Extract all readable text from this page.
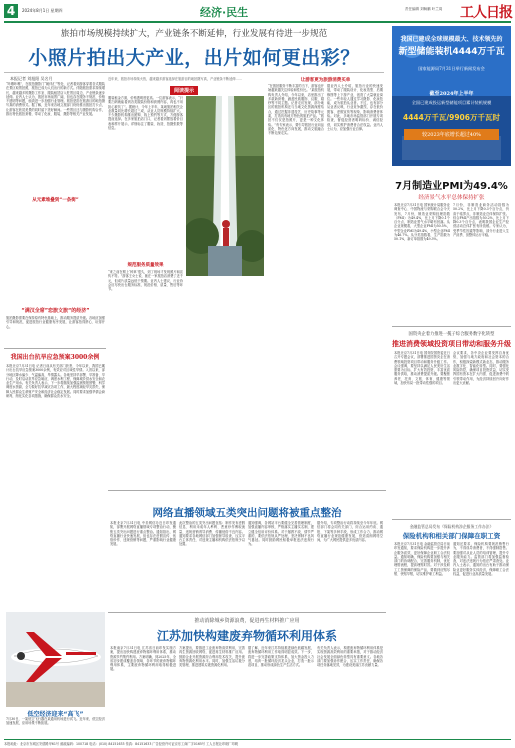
4	2024年8月1日 星期四	经济·民生	责任编辑 刘畅鹏 叶兰周 工人日报
旅拍市场规模持续扩大，产业链条不断延伸，行业发展有待进一步规范
小照片拍出大产业，出片如何更出彩？
本报记者 刘旭阳 吴名月
“咔嚓咔嚓”，在旅拍摄影门“朝伴汇”等处，记者看到游客穿着各式服装在景区取景拍照，旅拍已成为人们出行的新方式。伴随旅拍需求持续增长，越来越多的摄影工作室、服装租赁店入驻景区周边，产业链条逐步延伸。业内人士认为，旅拍市场前景广阔，但也存在服务不规范、价格不透明等问题，亟须进一步加强行业管理。旅拍是指在旅游目的地拍摄写真的消费形式。据了解，近年来各地文旅部门纷纷推出旅拍打卡点，让游客在欣赏美景的同时留下美好瞬间。一些景区还与摄影机构合作，推出特色旅拍套餐，带动了化妆、服装、摄影等相关产业发展。
从元素堆叠到“一条街”
“满汉全席”恋旅文旅“的经济”
近年来，旅拍市场持续火热，越来越多游客选择在旅游目的地拍摄写真，产业链条不断延伸……
阅读提示
服装租金方面，价格透明度更高。一位游客表示，“只要扫码就能看到各类服装价格和套餐内容，再也不用担心被坑了”。据统计，今年上半年，某地旅拍相关企业数量同比增长超过三成，从业人员规模持续扩大。不少摄影机构推出团购、线上预约等方式，方便游客提前选择。在多家旅拍店门口，记者看到摆放着价目表和样片展示，详细标注了服装、妆造、拍摄张数等信息。
规范服务质量效果
“来之前在网上‘种草’很久，到了现场才发现照片和宣传不符。”游客王女士说，她在一家旅拍店消费了近千元，但成片质量远低于预期。业内人士建议，行业协会应尽快出台服务标准，规范价格、质量、售后等环节。
让游客更为旅游消费买单
“在旅拍服务不断丰富的当下，游客也开始越来越关注体验和性价比。”某旅拍机构负责人介绍，今年以来，店里推出了多款新套餐，涵盖民族服饰、汉服、婚纱等不同主题。记者走访发现，部分地区的旅拍机构还与当地文化资源深度结合，通过挖掘非遗技艺、历史故事等元素，打造具有地方特色的旅拍产品。“旅拍不仅仅是拍照片，更是一种文化体验。”有专家表示，要引导旅拍行业向品质化、特色化方向发展，推动文旅融合不断走深走实。
据业内人士介绍，旅拍行业的快速发展，带动了服装设计、化妆造型、后期修图等上下游产业，创造了大量就业岗位。一些年轻人通过学习摄影、化妆技能，成为旅拍从业者。不过，也有部分从业者反映，行业竞争激烈，存在低价揽客、虚假宣传等现象，影响消费者体验。对此，多地市场监管部门开展专项检查，督促经营者明码标价、诚信经营，切实维护消费者合法权益。业内人士认为，应加强行业自律。
我国已建成全球规模最大、技术领先的
新型储能装机4444万千瓦
国家能源局7月31日举行新闻发布会
截至2024年上半年
全国已建成投运新型储能项目累计装机规模
4444万千瓦/9906万千瓦时
较2023年底增长超过40%
7月制造业PMI为49.4%
经济景气水平总体保持扩张
本报北京7月31日电 国家统计局服务业调查中心、中国物流与采购联合会今天发布，7月份，制造业采购经理指数（PMI）为49.4%，比上月下降0.1个百分点，制造业景气水平略有回落。从企业规模看，大型企业PMI为50.5%，中型企业PMI为49.4%，小型企业PMI为46.7%。从分类指数看，生产指数为50.1%，新订单指数为49.3%。
7月份，非制造业商务活动指数为50.2%，比上月下降0.3个百分点，仍高于临界点，非制造业总体保持扩张。综合PMI产出指数为50.2%，比上月下降0.3个百分点，表明我国企业生产经营活动总体扩张有所放缓。专家认为，受季节性因素等影响，部分行业进入生产淡季，但整体运行平稳。
国资央企着力推进一揽子综合服务数字化转型
推进消费领域投资项目带动和服务升级
本报北京7月31日电 国务院国资委近日召开专题会议，部署推进国资央企在消费领域投资项目带动和服务升级工作。会议强调，要坚持以满足人民美好生活需要为目标，扩大有效投资，丰富优质服务供给，推动消费提质升级。要聚焦养老、托育、文旅、体育、健康等领域，加快布局一批带动性强的项目。
会议要求，各中央企业要发挥自身优势，加强与地方政府和社会资本的合作，积极探索新模式新业态，推动服务业数字化、智能化转型。同时，要强化风险防控，确保项目投资效益，切实发挥国有资本在扩大内需、促进消费中的引领带动作用，为经济持续回升向好作出更大贡献。
金融监管总局发布《保险机构涉企服务工作办法》
保险机构和相关部门保障在职工资
本报北京7月31日电 金融监管总局日前印发通知，要求保险机构进一步提升涉企服务质效，更好保障企业职工合法权益。通知明确，保险机构要加强与相关部门的协调配合，完善服务机制，优化理赔流程，提高理赔时效。对于涉及职工工资保障的保险产品，要做到应赔尽赔、快赔早赔，切实维护职工利益。
通知还要求，保险机构要规范销售行为，不得误导消费者，不得强制搭售。要加强对从业人员的培训管理，提升专业服务能力。监管部门将加强监督检查，对违法违规行为依法严肃查处。业内人士表示，通知的出台有助于推动保险业更好服务实体经济，保障职工合法权益，促进行业高质量发展。
旅拍摄影需要在保持原有特色基础上，推动服务提质升级。各地应加强引导和规范，促进旅拍行业健康有序发展，让游客拍得舒心、玩得开心。
我国出台抗旱应急预案3000余例
本报北京7月31日电 记者日前从有关部门获悉，今年以来，我国已累计出台抗旱应急预案3000余例，有效应对区域性旱情。入汛以来，部分地区降水偏少、气温偏高，旱情露头。各地坚持早部署、早准备、早行动，及时启动抗旱应急响应，调度水利工程，保障城乡供水安全和农业生产用水。有关负责人表示，下一步将继续加强监测预报预警，科学调度水资源，全力做好抗旱减灾各项工作，最大程度减轻旱灾损失，保障人民群众生命财产安全和经济社会稳定发展。同时要求加强旱情会商研判，细化实化各项措施，确保群众饮水安全。
网络直播领域五类突出问题将被重点整治
本报北京7月31日电 中央网信办近日印发通知，部署开展网络直播领域专项整治行动，聚焦五类突出问题进行重点整治。通知指出，网络直播行业快速发展，但也存在虚假宣传、低俗炒作、违规营销等问题，严重影响行业健康发展。
此次整治的五类突出问题包括：制作发布虚假信息、利用未成年人牟利、恶意炒作博取流量、违规营销诱导消费、传播低俗不良内容。通知要求各地网信部门加强督导检查，压实平台主体责任，对违规主播和机构依法依规予以处置。
通知强调，各网站平台要健全完善管理制度，加强直播内容审核，严格落实主播实名制，建立健全信用评价体系。对于屡教不改、情节严重的，要依法依规从严处理，坚决遏制不良风气蔓延。同时鼓励网民积极举报违法违规行为。
据介绍，专项整治行动将持续至今年年底。网信部门将会同有关部门，综合运用约谈、通报、下架等多种手段，形成工作合力，推动网络直播行业规范健康发展，营造清朗网络空间，为广大网民提供更多优质内容。
低空经济迎来“高飞”
7月30日，一架低空飞行器在某通用机场进行试飞。近年来，低空经济加速发展，应用场景不断拓展。
推动消除城乡资源浪费，促进再生材料推广应用
江苏加快构建废弃物循环利用体系
本报南京7月31日电 江苏省日前印发实施方案，提出加快构建废弃物循环利用体系，推动资源节约集约利用。方案明确，到2025年，全省初步建成覆盖各领域、各环节的废弃物循环利用体系，主要废弃物循环利用取得积极进展。
方案提出，要推进工业废弃物高效利用，完善再生资源回收网络，促进再生材料推广应用。鼓励企业开展资源综合利用技术攻关，提升废弃物资源化利用水平。同时，加强生活垃圾分类管理，推进建筑垃圾资源化利用。
据了解，近年来江苏持续推进绿色低碳发展，废弃物循环利用工作取得明显成效。下一步，将进一步完善政策支持体系，加大资金投入力度，培育一批循环经济龙头企业，打造一批示范项目，推动形成绿色生产生活方式。
有关负责人表示，构建废弃物循环利用体系是实现资源高效利用的重要举措，对于推动经济社会发展全面绿色转型具有重要意义。各地各部门要加强协作配合，压实工作责任，确保各项任务落地见效，为建设美丽江苏贡献力量。
本报地址：北京市东城区安德路甲61号 邮政编码：100718 电话：(010) 84151633 传真：84151633 广告经营许可证京东工商广字0165号 工人日报社印刷厂印刷
